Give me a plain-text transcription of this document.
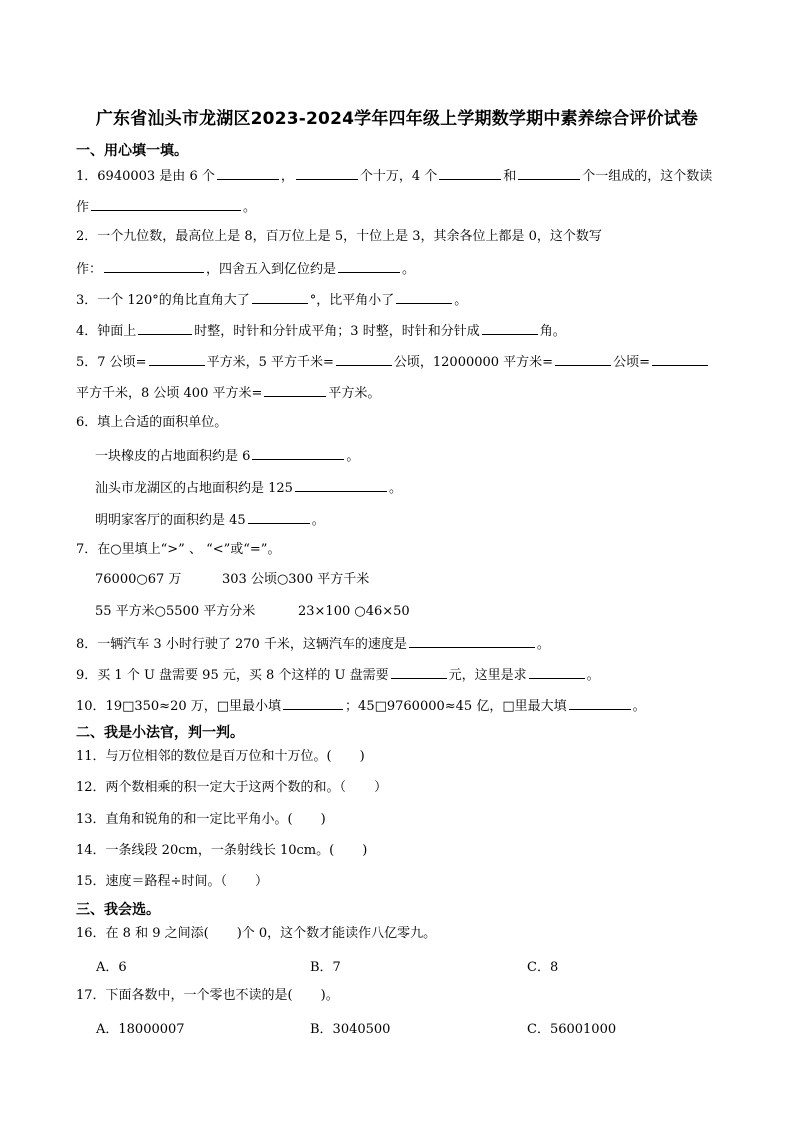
广东省汕头市龙湖区2023-2024学年四年级上学期数学期中素养综合评价试卷
一、用心填一填。
1．6940003 是由 6 个	，	个十万，4 个	和	个一组成的，这个数读
作	。
2．一个九位数，最高位上是 8，百万位上是 5，十位上是 3，其余各位上都是 0，这个数写
作：	，四舍五入到亿位约是	。
3．一个 120°的角比直角大了	°，比平角小了	。
4．钟面上	时整，时针和分针成平角；3 时整，时针和分针成	角。
5．7 公顷=	平方米，5 平方千米=	公顷，12000000 平方米=	公顷=
平方千米，8 公顷 400 平方米=	平方米。
6．填上合适的面积单位。
一块橡皮的占地面积约是 6	。
汕头市龙湖区的占地面积约是 125	。
明明家客厅的面积约是 45	。
7．在○里填上“>” 、 “<”或“=”。
76000○67 万	303 公顷○300 平方千米
55 平方米○5500 平方分米	23×100 ○46×50
8．一辆汽车 3 小时行驶了 270 千米，这辆汽车的速度是	。
9．买 1 个 U 盘需要 95 元，买 8 个这样的 U 盘需要	元，这里是求	。
10．19□350≈20 万，□里最小填	；45□9760000≈45 亿，□里最大填	。
二、我是小法官，判一判。
11．与万位相邻的数位是百万位和十万位。( )
12．两个数相乘的积一定大于这两个数的和。（ ）
13．直角和锐角的和一定比平角小。( )
14．一条线段 20cm，一条射线长 10cm。( )
15．速度＝路程÷时间。（ ）
三、我会选。
16．在 8 和 9 之间添( )个 0，这个数才能读作八亿零九。
A．6	B．7	C．8
17．下面各数中，一个零也不读的是( )。
A．18000007	B．3040500	C．56001000
